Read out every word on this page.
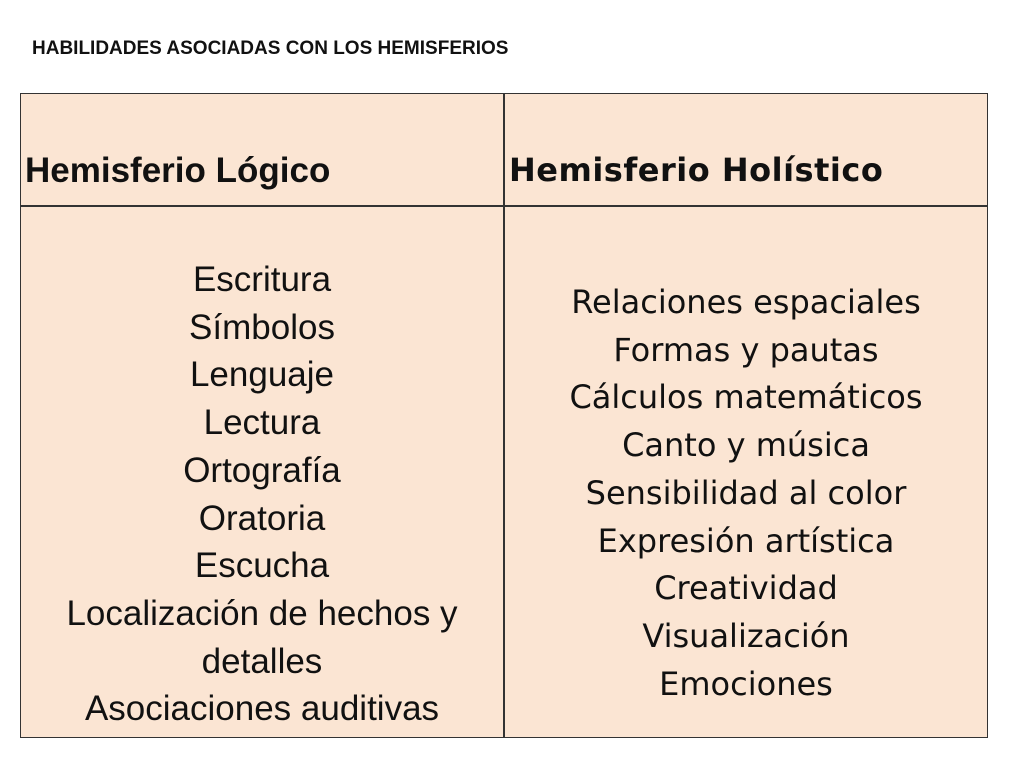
HABILIDADES ASOCIADAS CON LOS HEMISFERIOS
Hemisferio Lógico	Hemisferio Holístico
Escritura
Símbolos
Lenguaje
Lectura
Ortografía
Oratoria
Escucha
Localización de hechos y
detalles
Asociaciones auditivas
Relaciones espaciales
Formas y pautas
Cálculos matemáticos
Canto y música
Sensibilidad al color
Expresión artística
Creatividad
Visualización
Emociones
